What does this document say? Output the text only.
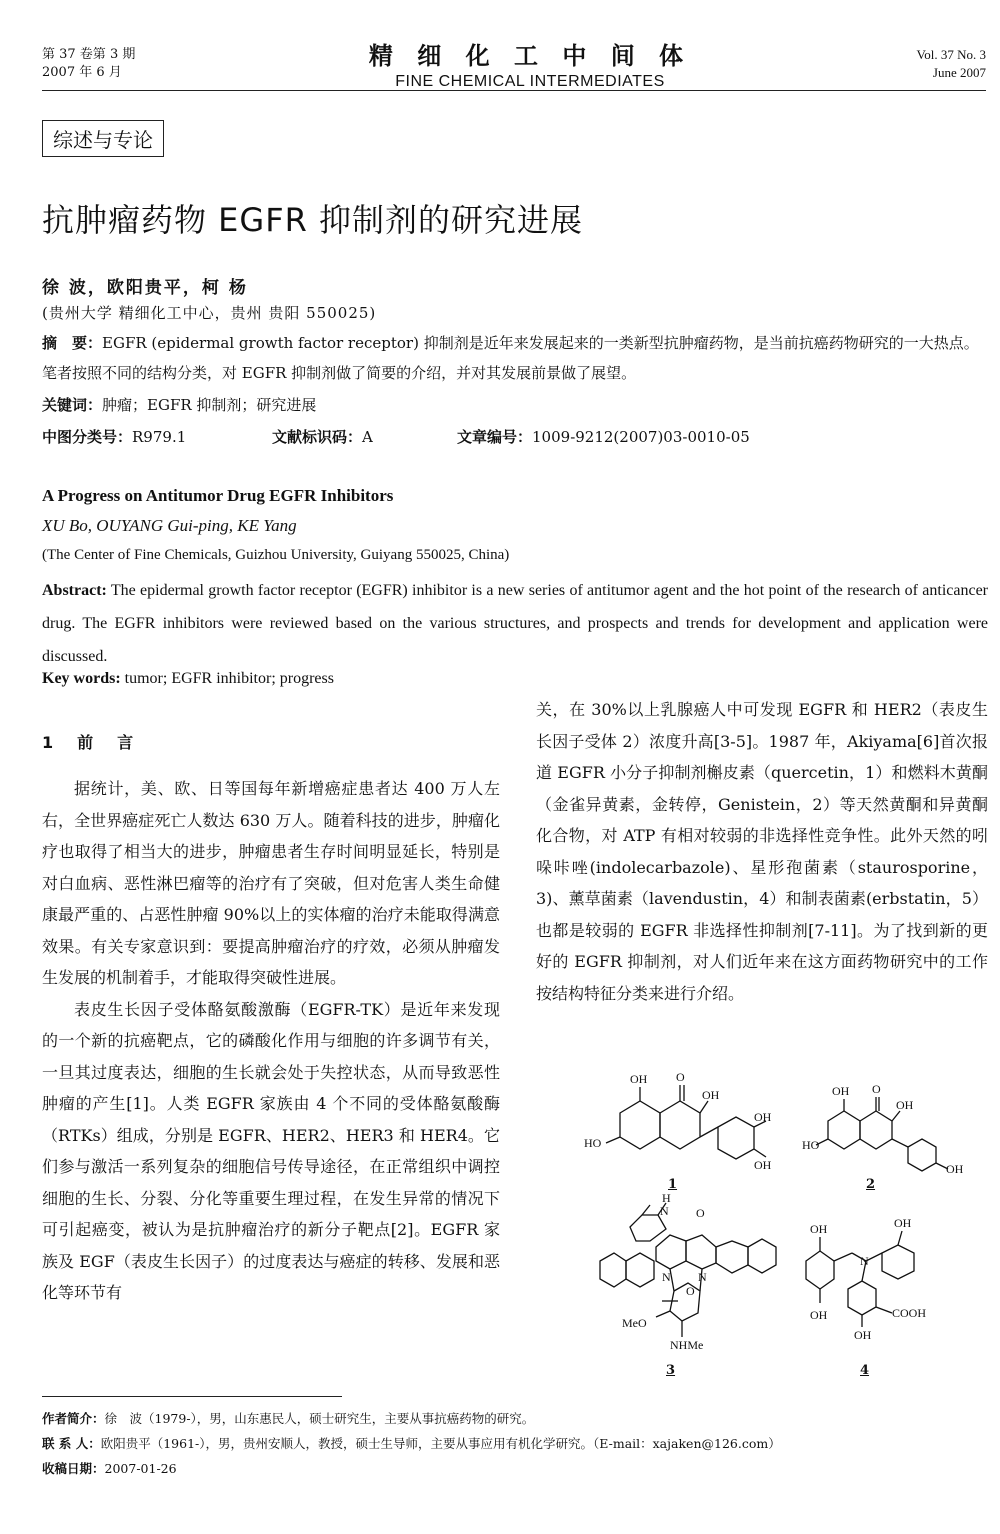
第 37 卷第 3 期
2007 年 6 月
精 细 化 工 中 间 体
FINE CHEMICAL INTERMEDIATES
Vol. 37 No. 3
June 2007
综述与专论
抗肿瘤药物 EGFR 抑制剂的研究进展
徐 波，欧阳贵平，柯 杨
(贵州大学 精细化工中心，贵州 贵阳 550025)
摘　要：EGFR (epidermal growth factor receptor) 抑制剂是近年来发展起来的一类新型抗肿瘤药物，是当前抗癌药物研究的一大热点。笔者按照不同的结构分类，对 EGFR 抑制剂做了简要的介绍，并对其发展前景做了展望。
关键词：肿瘤；EGFR 抑制剂；研究进展
中图分类号：R979.1	文献标识码：A	文章编号：1009-9212(2007)03-0010-05
A Progress on Antitumor Drug EGFR Inhibitors
XU Bo, OUYANG Gui-ping, KE Yang
(The Center of Fine Chemicals, Guizhou University, Guiyang 550025, China)
Abstract: The epidermal growth factor receptor (EGFR) inhibitor is a new series of antitumor agent and the hot point of the research of anticancer drug. The EGFR inhibitors were reviewed based on the various structures, and prospects and trends for development and application were discussed.
Key words: tumor; EGFR inhibitor; progress
1　前　言

据统计，美、欧、日等国每年新增癌症患者达 400 万人左右，全世界癌症死亡人数达 630 万人。随着科技的进步，肿瘤化疗也取得了相当大的进步，肿瘤患者生存时间明显延长，特别是对白血病、恶性淋巴瘤等的治疗有了突破，但对危害人类生命健康最严重的、占恶性肿瘤 90%以上的实体瘤的治疗未能取得满意效果。有关专家意识到：要提高肿瘤治疗的疗效，必须从肿瘤发生发展的机制着手，才能取得突破性进展。

表皮生长因子受体酪氨酸激酶（EGFR-TK）是近年来发现的一个新的抗癌靶点，它的磷酸化作用与细胞的许多调节有关，一旦其过度表达，细胞的生长就会处于失控状态，从而导致恶性肿瘤的产生[1]。人类 EGFR 家族由 4 个不同的受体酪氨酸酶（RTKs）组成，分别是 EGFR、HER2、HER3 和 HER4。它们参与激活一系列复杂的细胞信号传导途径，在正常组织中调控细胞的生长、分裂、分化等重要生理过程，在发生异常的情况下可引起癌变，被认为是抗肿瘤治疗的新分子靶点[2]。EGFR 家族及 EGF（表皮生长因子）的过度表达与癌症的转移、发展和恶化等环节有

关，在 30%以上乳腺癌人中可发现 EGFR 和 HER2（表皮生长因子受体 2）浓度升高[3-5]。1987 年，Akiyama[6]首次报道 EGFR 小分子抑制剂槲皮素（quercetin，1）和燃料木黄酮（金雀异黄素，金转停，Genistein，2）等天然黄酮和异黄酮化合物，对 ATP 有相对较弱的非选择性竞争性。此外天然的吲哚咔唑(indolecarbazole)、星形孢菌素（staurosporine，3)、薰草菌素（lavendustin，4）和制表菌素(erbstatin，5）也都是较弱的 EGFR 非选择性抑制剂[7-11]。为了找到新的更好的 EGFR 抑制剂，对人们近年来在这方面药物研究中的工作按结构特征分类来进行介绍。

OH O
OH
HO
OH
OH
OH O
OH
HO
OH
H
N O
N N
O
MeO
NHMe
OH	OH
N
OH	COOH
OH
1	2
3	4
作者简介：徐　波（1979-），男，山东惠民人，硕士研究生，主要从事抗癌药物的研究。
联 系 人：欧阳贵平（1961-），男，贵州安顺人，教授，硕士生导师，主要从事应用有机化学研究。（E-mail：xajaken@126.com）
收稿日期：2007-01-26
